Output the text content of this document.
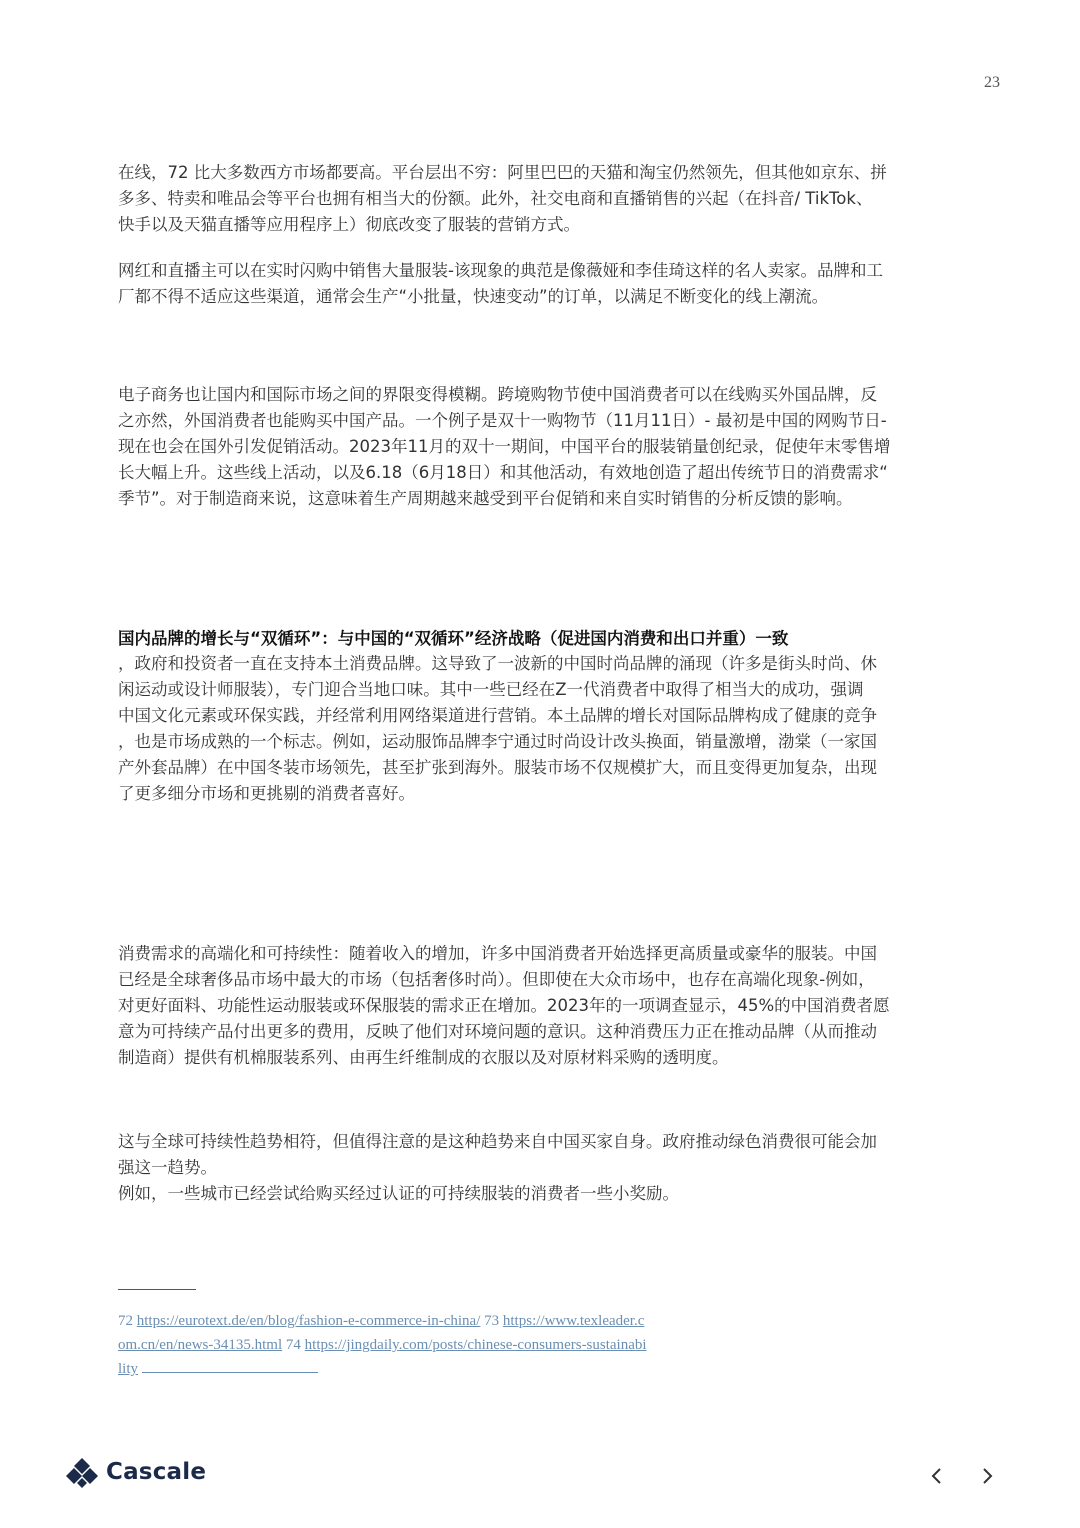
23

在线，72 比大多数西方市场都要高。平台层出不穷：阿里巴巴的天猫和淘宝仍然领先，但其他如京东、拼
多多、特卖和唯品会等平台也拥有相当大的份额。此外，社交电商和直播销售的兴起（在抖音/ TikTok、
快手以及天猫直播等应用程序上）彻底改变了服装的营销方式。

网红和直播主可以在实时闪购中销售大量服装-该现象的典范是像薇娅和李佳琦这样的名人卖家。品牌和工
厂都不得不适应这些渠道，通常会生产“小批量，快速变动”的订单，以满足不断变化的线上潮流。

电子商务也让国内和国际市场之间的界限变得模糊。跨境购物节使中国消费者可以在线购买外国品牌，反
之亦然，外国消费者也能购买中国产品。一个例子是双十一购物节（11月11日）- 最初是中国的网购节日-
现在也会在国外引发促销活动。2023年11月的双十一期间，中国平台的服装销量创纪录，促使年末零售增
长大幅上升。这些线上活动，以及6.18（6月18日）和其他活动，有效地创造了超出传统节日的消费需求“
季节”。对于制造商来说，这意味着生产周期越来越受到平台促销和来自实时销售的分析反馈的影响。

国内品牌的增长与“双循环”：与中国的“双循环”经济战略（促进国内消费和出口并重）一致

，政府和投资者一直在支持本土消费品牌。这导致了一波新的中国时尚品牌的涌现（许多是街头时尚、休
闲运动或设计师服装），专门迎合当地口味。其中一些已经在Z一代消费者中取得了相当大的成功，强调
中国文化元素或环保实践，并经常利用网络渠道进行营销。本土品牌的增长对国际品牌构成了健康的竞争
，也是市场成熟的一个标志。例如，运动服饰品牌李宁通过时尚设计改头换面，销量激增，渤棠（一家国
产外套品牌）在中国冬装市场领先，甚至扩张到海外。服装市场不仅规模扩大，而且变得更加复杂，出现
了更多细分市场和更挑剔的消费者喜好。

消费需求的高端化和可持续性：随着收入的增加，许多中国消费者开始选择更高质量或豪华的服装。中国
已经是全球奢侈品市场中最大的市场（包括奢侈时尚）。但即使在大众市场中，也存在高端化现象-例如，
对更好面料、功能性运动服装或环保服装的需求正在增加。2023年的一项调查显示，45%的中国消费者愿
意为可持续产品付出更多的费用，反映了他们对环境问题的意识。这种消费压力正在推动品牌（从而推动
制造商）提供有机棉服装系列、由再生纤维制成的衣服以及对原材料采购的透明度。

这与全球可持续性趋势相符，但值得注意的是这种趋势来自中国买家自身。政府推动绿色消费很可能会加
强这一趋势。
例如，一些城市已经尝试给购买经过认证的可持续服装的消费者一些小奖励。

72 https://eurotext.de/en/blog/fashion-e-commerce-in-china/ 73 https://www.texleader.com.cn/en/news-34135.html 74 https://jingdaily.com/posts/chinese-consumers-sustainability
Cascale
